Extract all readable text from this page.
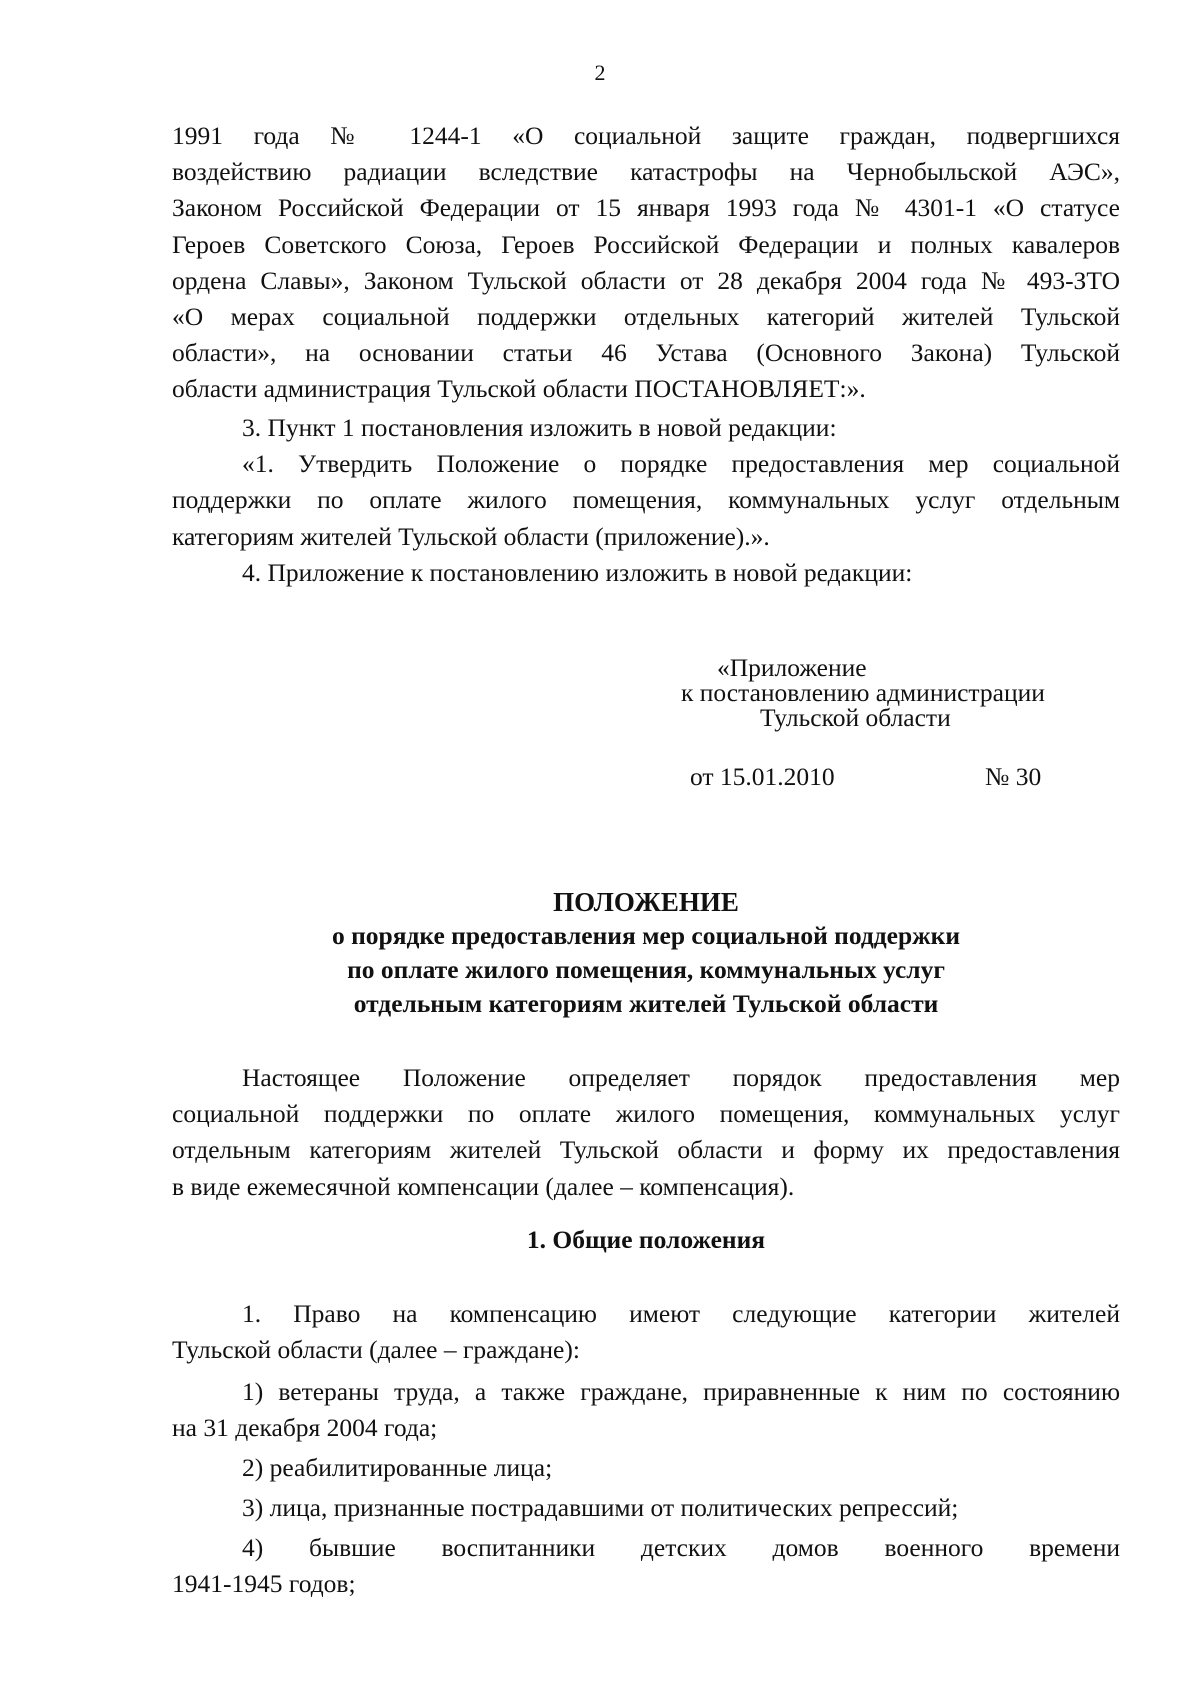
2

1991 года № 1244-1 «О социальной защите граждан, подвергшихся

воздействию радиации вследствие катастрофы на Чернобыльской АЭС»,

Законом Российской Федерации от 15 января 1993 года № 4301-1 «О статусе

Героев Советского Союза, Героев Российской Федерации и полных кавалеров

ордена Славы», Законом Тульской области от 28 декабря 2004 года № 493-ЗТО

«О мерах социальной поддержки отдельных категорий жителей Тульской

области», на основании статьи 46 Устава (Основного Закона) Тульской

области администрация Тульской области ПОСТАНОВЛЯЕТ:».

3. Пункт 1 постановления изложить в новой редакции:

«1. Утвердить Положение о порядке предоставления мер социальной

поддержки по оплате жилого помещения, коммунальных услуг отдельным

категориям жителей Тульской области (приложение).».

4. Приложение к постановлению изложить в новой редакции:

«Приложение
к постановлению администрации
Тульской области
от 15.01.2010	№ 30
ПОЛОЖЕНИЕ
о порядке предоставления мер социальной поддержки
по оплате жилого помещения, коммунальных услуг
отдельным категориям жителей Тульской области

Настоящее Положение определяет порядок предоставления мер

социальной поддержки по оплате жилого помещения, коммунальных услуг

отдельным категориям жителей Тульской области и форму их предоставления

в виде ежемесячной компенсации (далее – компенсация).

1. Общие положения

1. Право на компенсацию имеют следующие категории жителей

Тульской области (далее – граждане):

1) ветераны труда, а также граждане, приравненные к ним по состоянию

на 31 декабря 2004 года;

2) реабилитированные лица;

3) лица, признанные пострадавшими от политических репрессий;

4) бывшие воспитанники детских домов военного времени

1941-1945 годов;
